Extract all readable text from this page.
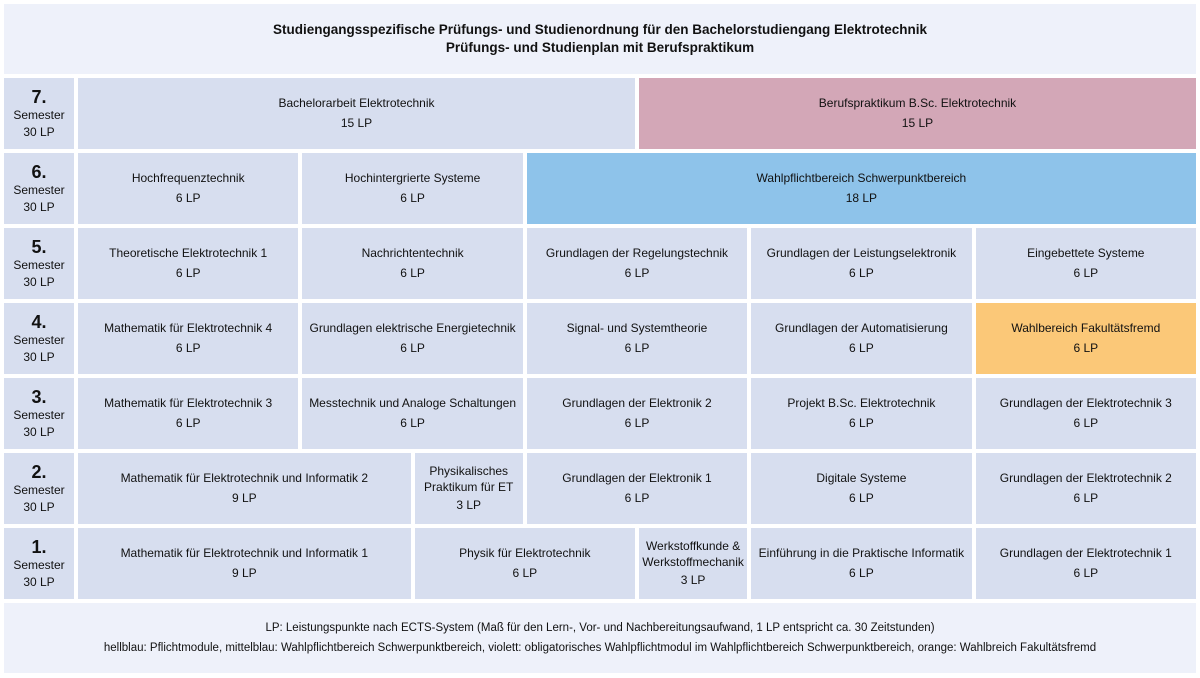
Studiengangsspezifische Prüfungs- und Studienordnung für den Bachelorstudiengang Elektrotechnik
Prüfungs- und Studienplan mit Berufspraktikum
7.
Semester
30 LP
Bachelorarbeit Elektrotechnik
15 LP
Berufspraktikum B.Sc. Elektrotechnik
15 LP
6.
Semester
30 LP
Hochfrequenztechnik
6 LP
Hochintergrierte Systeme
6 LP
Wahlpflichtbereich Schwerpunktbereich
18 LP
5.
Semester
30 LP
Theoretische Elektrotechnik 1
6 LP
Nachrichtentechnik
6 LP
Grundlagen der Regelungstechnik
6 LP
Grundlagen der Leistungselektronik
6 LP
Eingebettete Systeme
6 LP
4.
Semester
30 LP
Mathematik für Elektrotechnik 4
6 LP
Grundlagen elektrische Energietechnik
6 LP
Signal- und Systemtheorie
6 LP
Grundlagen der Automatisierung
6 LP
Wahlbereich Fakultätsfremd
6 LP
3.
Semester
30 LP
Mathematik für Elektrotechnik 3
6 LP
Messtechnik und Analoge Schaltungen
6 LP
Grundlagen der Elektronik 2
6 LP
Projekt B.Sc. Elektrotechnik
6 LP
Grundlagen der Elektrotechnik 3
6 LP
2.
Semester
30 LP
Mathematik für Elektrotechnik und Informatik 2
9 LP
Physikalisches
Praktikum für ET
3 LP
Grundlagen der Elektronik 1
6 LP
Digitale Systeme
6 LP
Grundlagen der Elektrotechnik 2
6 LP
1.
Semester
30 LP
Mathematik für Elektrotechnik und Informatik 1
9 LP
Physik für Elektrotechnik
6 LP
Werkstoffkunde &
Werkstoffmechanik
3 LP
Einführung in die Praktische Informatik
6 LP
Grundlagen der Elektrotechnik 1
6 LP
LP: Leistungspunkte nach ECTS-System (Maß für den Lern-, Vor- und Nachbereitungsaufwand, 1 LP entspricht ca. 30 Zeitstunden)
hellblau: Pflichtmodule, mittelblau: Wahlpflichtbereich Schwerpunktbereich, violett: obligatorisches Wahlpflichtmodul im Wahlpflichtbereich Schwerpunktbereich, orange: Wahlbreich Fakultätsfremd
